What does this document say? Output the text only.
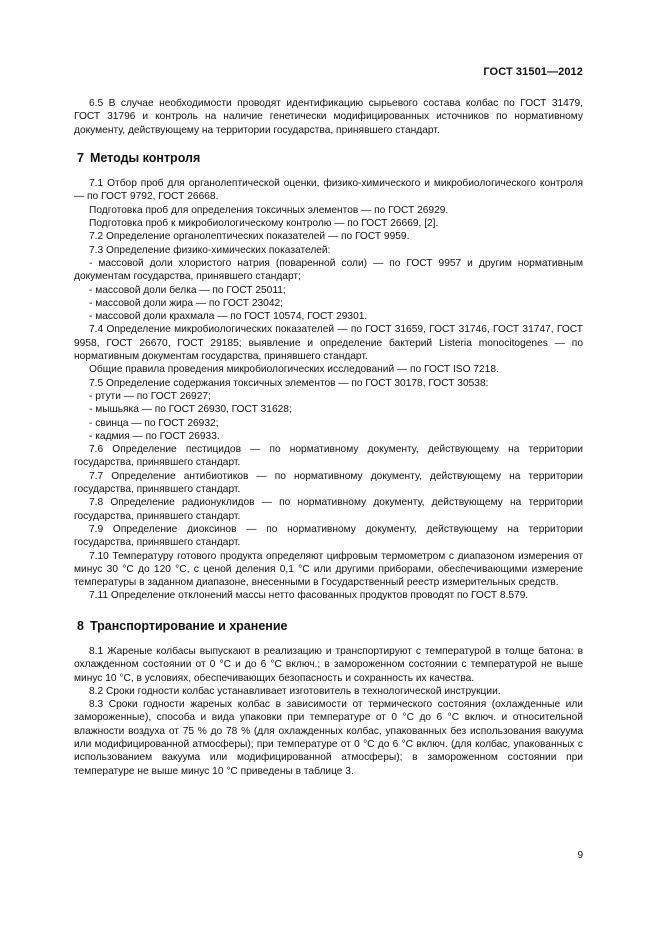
ГОСТ 31501—2012

6.5 В случае необходимости проводят идентификацию сырьевого состава колбас по ГОСТ 31479, ГОСТ 31796 и контроль на наличие генетически модифицированных источников по нормативному документу, действующему на территории государства, принявшего стандарт.

7 Методы контроля

7.1 Отбор проб для органолептической оценки, физико-химического и микробиологического контроля — по ГОСТ 9792, ГОСТ 26668.

Подготовка проб для определения токсичных элементов — по ГОСТ 26929.

Подготовка проб к микробиологическому контролю — по ГОСТ 26669, [2].

7.2 Определение органолептических показателей — по ГОСТ 9959.

7.3 Определение физико-химических показателей:

- массовой доли хлористого натрия (поваренной соли) — по ГОСТ 9957 и другим нормативным документам государства, принявшего стандарт;

- массовой доли белка — по ГОСТ 25011;

- массовой доли жира — по ГОСТ 23042;

- массовой доли крахмала — по ГОСТ 10574, ГОСТ 29301.

7.4 Определение микробиологических показателей — по ГОСТ 31659, ГОСТ 31746, ГОСТ 31747, ГОСТ 9958, ГОСТ 26670, ГОСТ 29185; выявление и определение бактерий Listeria monocitogenes — по нормативным документам государства, принявшего стандарт.

Общие правила проведения микробиологических исследований — по ГОСТ ISO 7218.

7.5 Определение содержания токсичных элементов — по ГОСТ 30178, ГОСТ 30538:

- ртути — по ГОСТ 26927;

- мышьяка — по ГОСТ 26930, ГОСТ 31628;

- свинца — по ГОСТ 26932;

- кадмия — по ГОСТ 26933.

7.6 Определение пестицидов — по нормативному документу, действующему на территории государства, принявшего стандарт.

7.7 Определение антибиотиков — по нормативному документу, действующему на территории государства, принявшего стандарт.

7.8 Определение радионуклидов — по нормативному документу, действующему на территории государства, принявшего стандарт.

7.9 Определение диоксинов — по нормативному документу, действующему на территории государства, принявшего стандарт.

7.10 Температуру готового продукта определяют цифровым термометром с диапазоном измерения от минус 30 °С до 120 °С, с ценой деления 0,1 °С или другими приборами, обеспечивающими измерение температуры в заданном диапазоне, внесенными в Государственный реестр измерительных средств.

7.11 Определение отклонений массы нетто фасованных продуктов проводят по ГОСТ 8.579.

8 Транспортирование и хранение

8.1 Жареные колбасы выпускают в реализацию и транспортируют с температурой в толще батона: в охлажденном состоянии от 0 °С и до 6 °С включ.; в замороженном состоянии с температурой не выше минус 10 °С, в условиях, обеспечивающих безопасность и сохранность их качества.

8.2 Сроки годности колбас устанавливает изготовитель в технологической инструкции.

8.3 Сроки годности жареных колбас в зависимости от термического состояния (охлажденные или замороженные), способа и вида упаковки при температуре от 0 °С до 6 °С включ. и относительной влажности воздуха от 75 % до 78 % (для охлажденных колбас, упакованных без использования вакуума или модифицированной атмосферы); при температуре от 0 °С до 6 °С включ. (для колбас, упакованных с использованием вакуума или модифицированной атмосферы); в замороженном состоянии при температуре не выше минус 10 °С приведены в таблице 3.

9
